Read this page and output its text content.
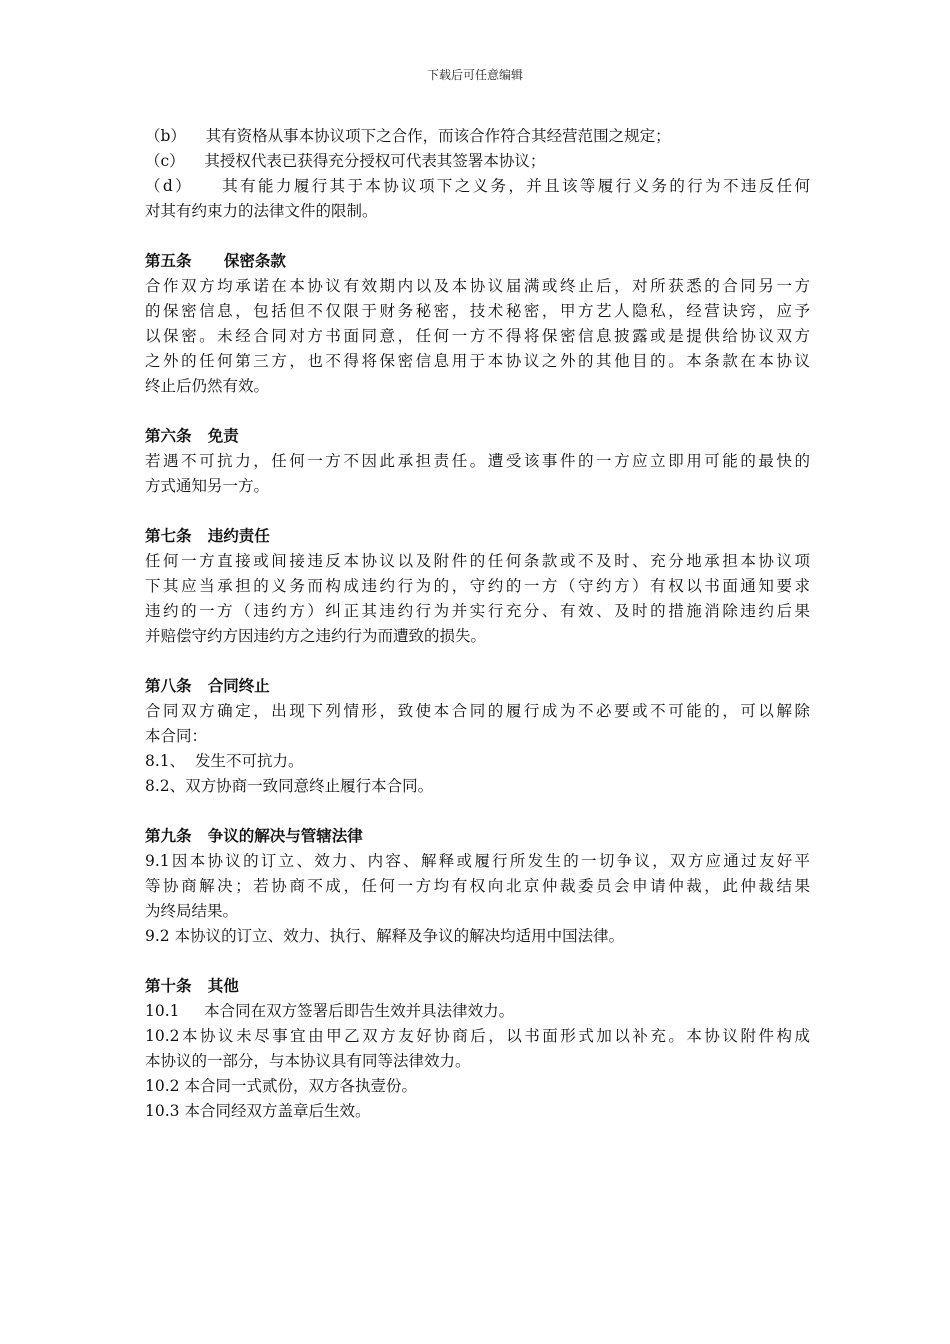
下载后可任意编辑
（b）    其有资格从事本协议项下之合作，而该合作符合其经营范围之规定；
（c）    其授权代表已获得充分授权可代表其签署本协议；
（d）    其有能力履行其于本协议项下之义务，并且该等履行义务的行为不违反任何
对其有约束力的法律文件的限制。
第五条      保密条款
合作双方均承诺在本协议有效期内以及本协议届满或终止后，对所获悉的合同另一方
的保密信息，包括但不仅限于财务秘密，技术秘密，甲方艺人隐私，经营诀窍，应予
以保密。未经合同对方书面同意，任何一方不得将保密信息披露或是提供给协议双方
之外的任何第三方，也不得将保密信息用于本协议之外的其他目的。本条款在本协议
终止后仍然有效。
第六条   免责
若遇不可抗力，任何一方不因此承担责任。遭受该事件的一方应立即用可能的最快的
方式通知另一方。
第七条   违约责任
任何一方直接或间接违反本协议以及附件的任何条款或不及时、充分地承担本协议项
下其应当承担的义务而构成违约行为的，守约的一方（守约方）有权以书面通知要求
违约的一方（违约方）纠正其违约行为并实行充分、有效、及时的措施消除违约后果
并赔偿守约方因违约方之违约行为而遭致的损失。
第八条   合同终止
合同双方确定，出现下列情形，致使本合同的履行成为不必要或不可能的，可以解除
本合同：
8.1、  发生不可抗力。
8.2、双方协商一致同意终止履行本合同。
第九条   争议的解决与管辖法律
9.1因本协议的订立、效力、内容、解释或履行所发生的一切争议，双方应通过友好平
等协商解决；若协商不成，任何一方均有权向北京仲裁委员会申请仲裁，此仲裁结果
为终局结果。
9.2 本协议的订立、效力、执行、解释及争议的解决均适用中国法律。
第十条   其他
10.1     本合同在双方签署后即告生效并具法律效力。
10.2本协议未尽事宜由甲乙双方友好协商后，以书面形式加以补充。本协议附件构成
本协议的一部分，与本协议具有同等法律效力。
10.2 本合同一式贰份，双方各执壹份。
10.3 本合同经双方盖章后生效。
